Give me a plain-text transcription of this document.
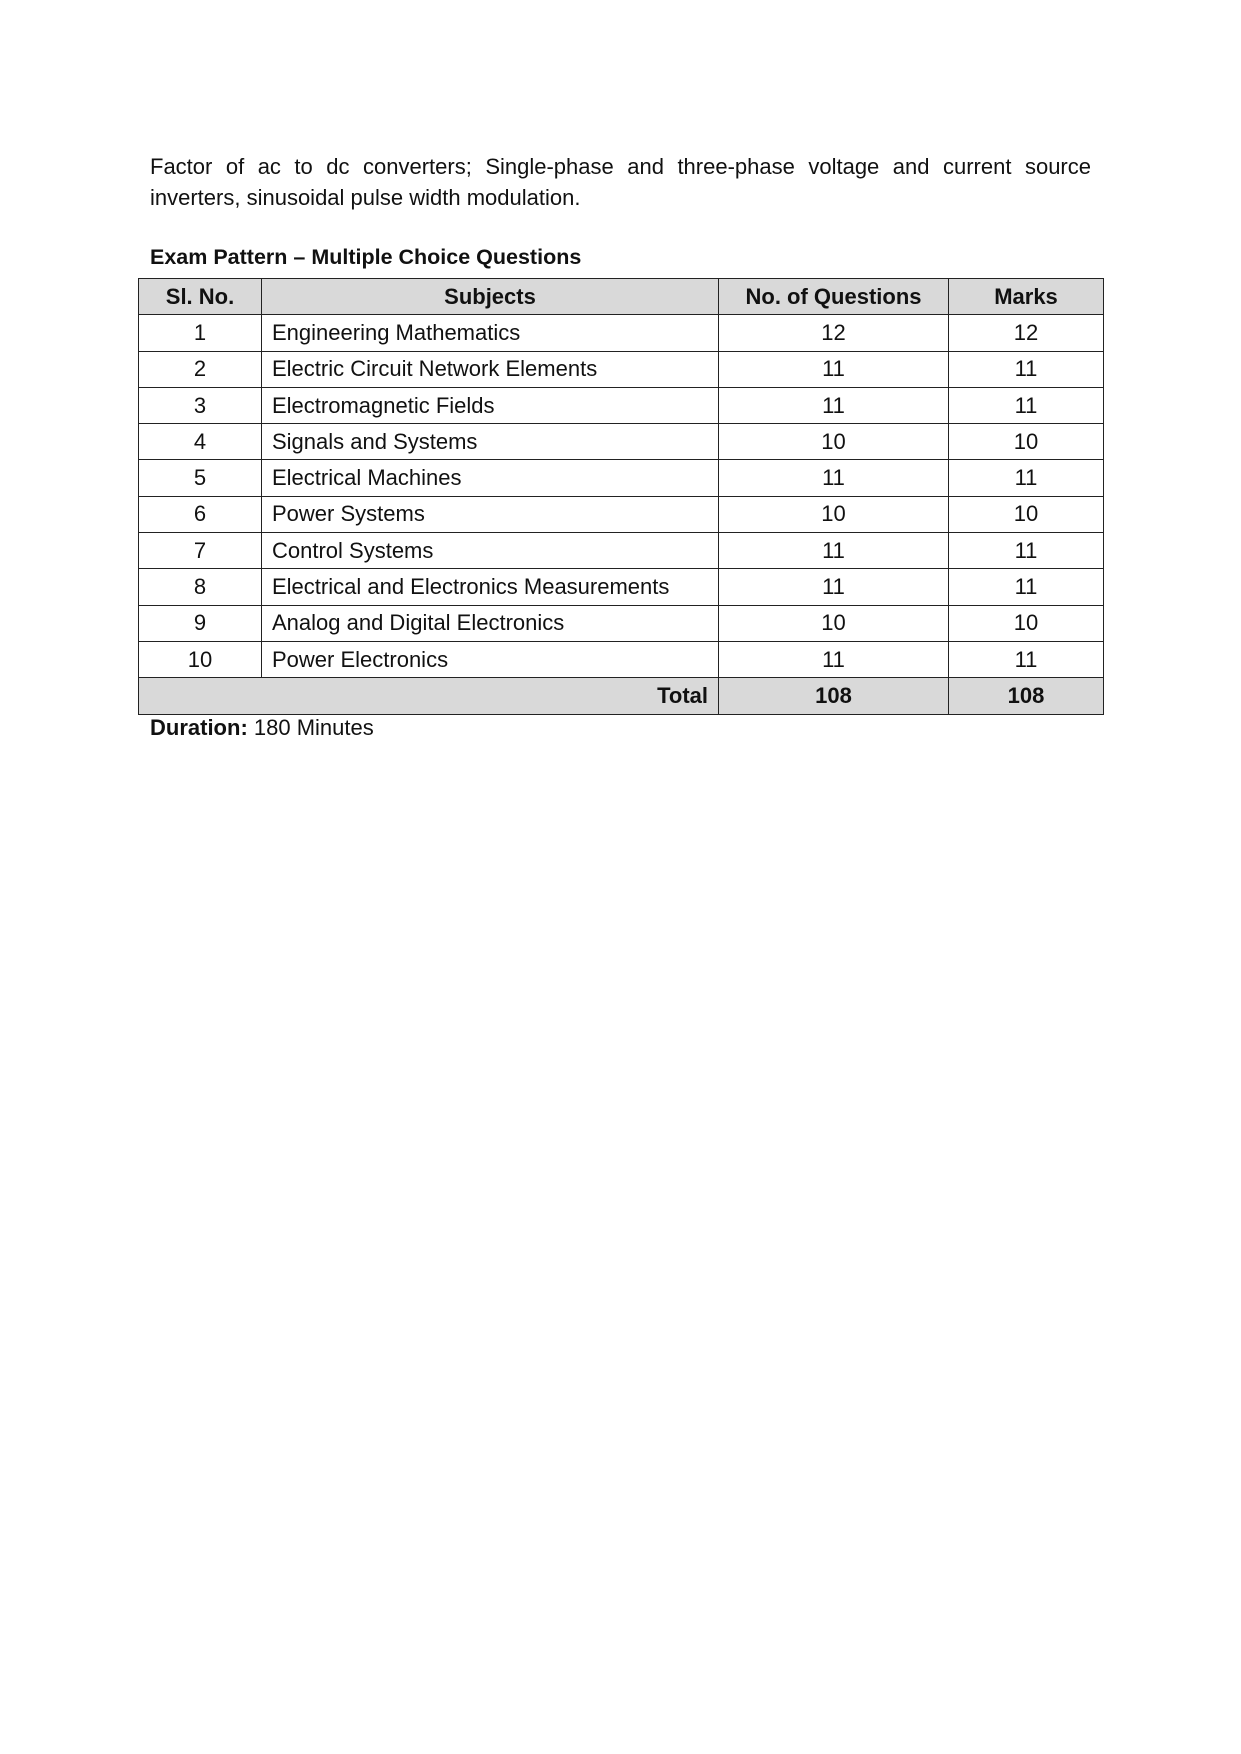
Factor of ac to dc converters; Single-phase and three-phase voltage and current source

inverters, sinusoidal pulse width modulation.

Exam Pattern – Multiple Choice Questions
Sl. No.	Subjects	No. of Questions	Marks
1	Engineering Mathematics	12	12
2	Electric Circuit Network Elements	11	11
3	Electromagnetic Fields	11	11
4	Signals and Systems	10	10
5	Electrical Machines	11	11
6	Power Systems	10	10
7	Control Systems	11	11
8	Electrical and Electronics Measurements	11	11
9	Analog and Digital Electronics	10	10
10	Power Electronics	11	11
Total		108	108
Duration: 180 Minutes
